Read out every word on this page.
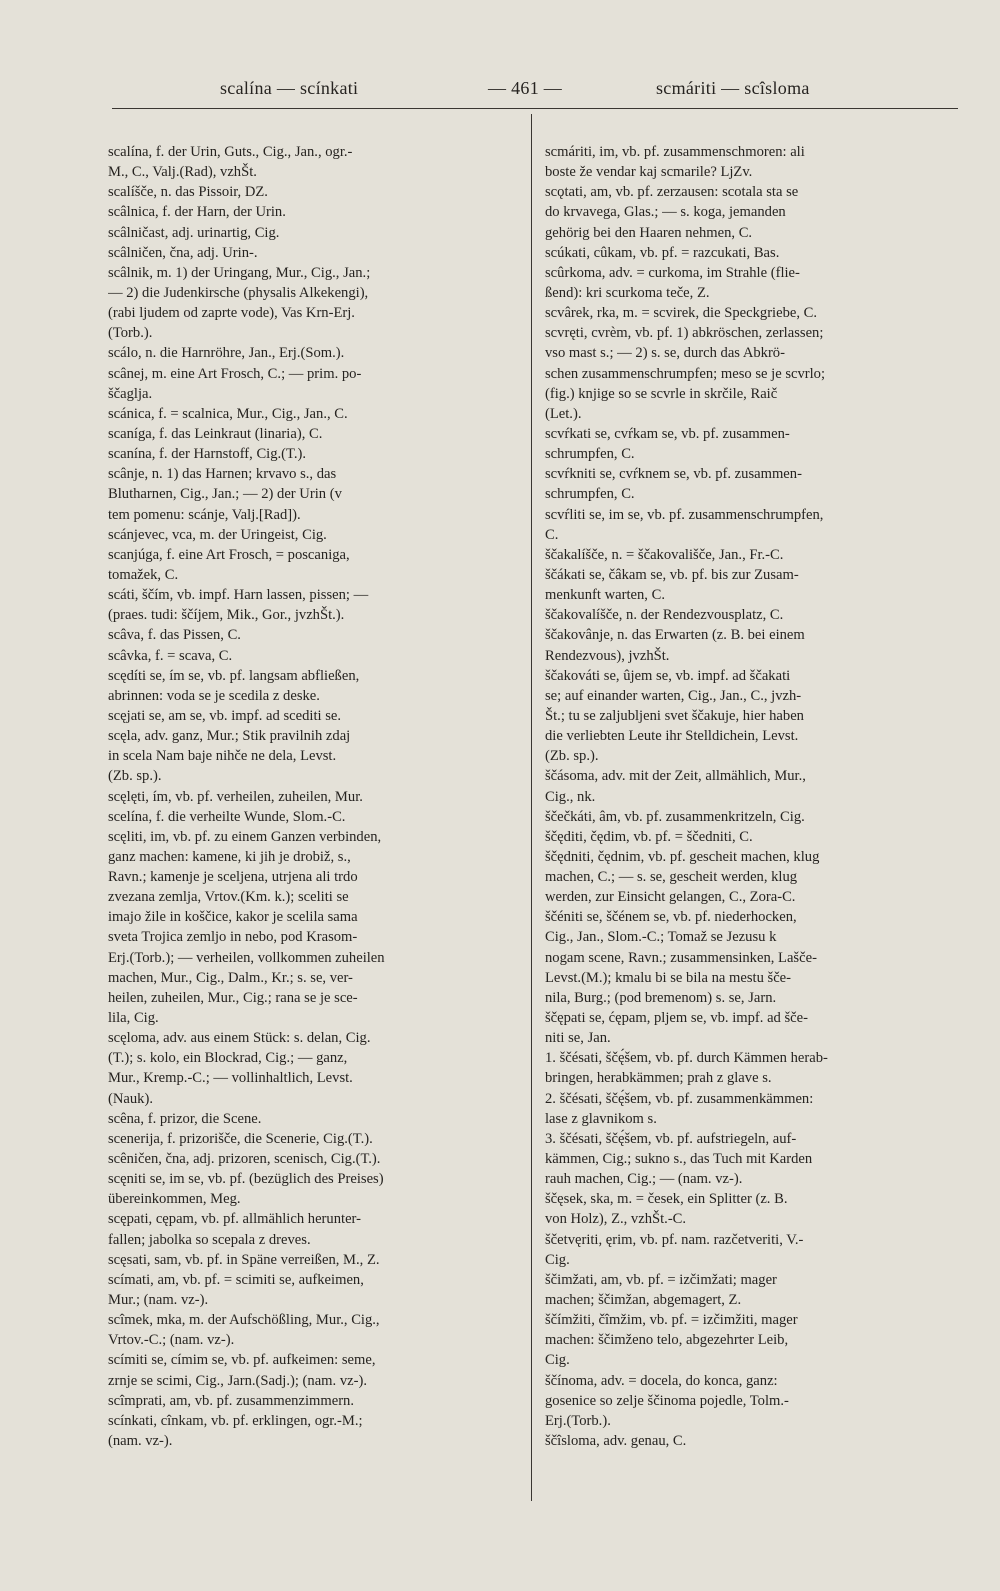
scalína — scínkati	— 461 —	scmáriti — scîsloma
scalína, f. der Urin, Guts., Cig., Jan., ogr.-
M., C., Valj.(Rad), vzhŠt.
scalíšče, n. das Pissoir, DZ.
scâlnica, f. der Harn, der Urin.
scâlničast, adj. urinartig, Cig.
scâlničen, čna, adj. Urin-.
scâlnik, m. 1) der Uringang, Mur., Cig., Jan.;
— 2) die Judenkirsche (physalis Alkekengi),
(rabi ljudem od zaprte vode), Vas Krn-Erj.
(Torb.).
scálo, n. die Harnröhre, Jan., Erj.(Som.).
scânej, m. eine Art Frosch, C.; — prim. po-
ščaglja.
scánica, f. = scalnica, Mur., Cig., Jan., C.
scaníga, f. das Leinkraut (linaria), C.
scanína, f. der Harnstoff, Cig.(T.).
scânje, n. 1) das Harnen; krvavo s., das
Blutharnen, Cig., Jan.; — 2) der Urin (v
tem pomenu: scánje, Valj.[Rad]).
scánjevec, vca, m. der Uringeist, Cig.
scanjúga, f. eine Art Frosch, = poscaniga,
tomažek, C.
scáti, ščím, vb. impf. Harn lassen, pissen; —
(praes. tudi: ščíjem, Mik., Gor., jvzhŠt.).
scâva, f. das Pissen, C.
scâvka, f. = scava, C.
scędíti se, ím se, vb. pf. langsam abfließen,
abrinnen: voda se je scedila z deske.
scęjati se, am se, vb. impf. ad scediti se.
scęla, adv. ganz, Mur.; Stik pravilnih zdaj
in scela Nam baje nihče ne dela, Levst.
(Zb. sp.).
scęlęti, ím, vb. pf. verheilen, zuheilen, Mur.
scelína, f. die verheilte Wunde, Slom.-C.
scęliti, im, vb. pf. zu einem Ganzen verbinden,
ganz machen: kamene, ki jih je drobiž, s.,
Ravn.; kamenje je sceljena, utrjena ali trdo
zvezana zemlja, Vrtov.(Km. k.); sceliti se
imajo žile in koščice, kakor je scelila sama
sveta Trojica zemljo in nebo, pod Krasom-
Erj.(Torb.); — verheilen, vollkommen zuheilen
machen, Mur., Cig., Dalm., Kr.; s. se, ver-
heilen, zuheilen, Mur., Cig.; rana se je sce-
lila, Cig.
scęloma, adv. aus einem Stück: s. delan, Cig.
(T.); s. kolo, ein Blockrad, Cig.; — ganz,
Mur., Kremp.-C.; — vollinhaltlich, Levst.
(Nauk).
scêna, f. prizor, die Scene.
scenerija, f. prizorišče, die Scenerie, Cig.(T.).
scêničen, čna, adj. prizoren, scenisch, Cig.(T.).
scęniti se, im se, vb. pf. (bezüglich des Preises)
übereinkommen, Meg.
scępati, cępam, vb. pf. allmählich herunter-
fallen; jabolka so scepala z dreves.
scęsati, sam, vb. pf. in Späne verreißen, M., Z.
scímati, am, vb. pf. = scimiti se, aufkeimen,
Mur.; (nam. vz-).
scîmek, mka, m. der Aufschößling, Mur., Cig.,
Vrtov.-C.; (nam. vz-).
scímiti se, címim se, vb. pf. aufkeimen: seme,
zrnje se scimi, Cig., Jarn.(Sadj.); (nam. vz-).
scîmprati, am, vb. pf. zusammenzimmern.
scínkati, cînkam, vb. pf. erklingen, ogr.-M.;
(nam. vz-).
scmáriti, im, vb. pf. zusammenschmoren: ali
boste že vendar kaj scmarile? LjZv.
scǫtati, am, vb. pf. zerzausen: scotala sta se
do krvavega, Glas.; — s. koga, jemanden
gehörig bei den Haaren nehmen, C.
scúkati, cûkam, vb. pf. = razcukati, Bas.
scûrkoma, adv. = curkoma, im Strahle (flie-
ßend): kri scurkoma teče, Z.
scvârek, rka, m. = scvirek, die Speckgriebe, C.
scvręti, cvrèm, vb. pf. 1) abkröschen, zerlassen;
vso mast s.; — 2) s. se, durch das Abkrö-
schen zusammenschrumpfen; meso se je scvrlo;
(fig.) knjige so se scvrle in skrčile, Raič
(Let.).
scvŕkati se, cvŕkam se, vb. pf. zusammen-
schrumpfen, C.
scvŕkniti se, cvŕknem se, vb. pf. zusammen-
schrumpfen, C.
scvŕliti se, im se, vb. pf. zusammenschrumpfen,
C.
ščakalíšče, n. = ščakovališče, Jan., Fr.-C.
ščákati se, čâkam se, vb. pf. bis zur Zusam-
menkunft warten, C.
ščakovalíšče, n. der Rendezvousplatz, C.
ščakovânje, n. das Erwarten (z. B. bei einem
Rendezvous), jvzhŠt.
ščakováti se, ûjem se, vb. impf. ad ščakati
se; auf einander warten, Cig., Jan., C., jvzh-
Št.; tu se zaljubljeni svet ščakuje, hier haben
die verliebten Leute ihr Stelldichein, Levst.
(Zb. sp.).
ščásoma, adv. mit der Zeit, allmählich, Mur.,
Cig., nk.
ščečkáti, âm, vb. pf. zusammenkritzeln, Cig.
ščęditi, čędim, vb. pf. = ščedniti, C.
ščędniti, čędnim, vb. pf. gescheit machen, klug
machen, C.; — s. se, gescheit werden, klug
werden, zur Einsicht gelangen, C., Zora-C.
ščéniti se, ščénem se, vb. pf. niederhocken,
Cig., Jan., Slom.-C.; Tomaž se Jezusu k
nogam scene, Ravn.; zusammensinken, Lašče-
Levst.(M.); kmalu bi se bila na mestu šče-
nila, Burg.; (pod bremenom) s. se, Jarn.
ščępati se, ćępam, pljem se, vb. impf. ad šče-
niti se, Jan.
1. ščésati, ščę́šem, vb. pf. durch Kämmen herab-
bringen, herabkämmen; prah z glave s.
2. ščésati, ščę́šem, vb. pf. zusammenkämmen:
lase z glavnikom s.
3. ščésati, ščę́šem, vb. pf. aufstriegeln, auf-
kämmen, Cig.; sukno s., das Tuch mit Karden
rauh machen, Cig.; — (nam. vz-).
ščęsek, ska, m. = česek, ein Splitter (z. B.
von Holz), Z., vzhŠt.-C.
ščetvęriti, ęrim, vb. pf. nam. razčetveriti, V.-
Cig.
ščimžati, am, vb. pf. = izčimžati; mager
machen; ščimžan, abgemagert, Z.
ščímžiti, čîmžim, vb. pf. = izčimžiti, mager
machen: ščimženo telo, abgezehrter Leib,
Cig.
ščínoma, adv. = docela, do konca, ganz:
gosenice so zelje ščinoma pojedle, Tolm.-
Erj.(Torb.).
ščîsloma, adv. genau, C.
